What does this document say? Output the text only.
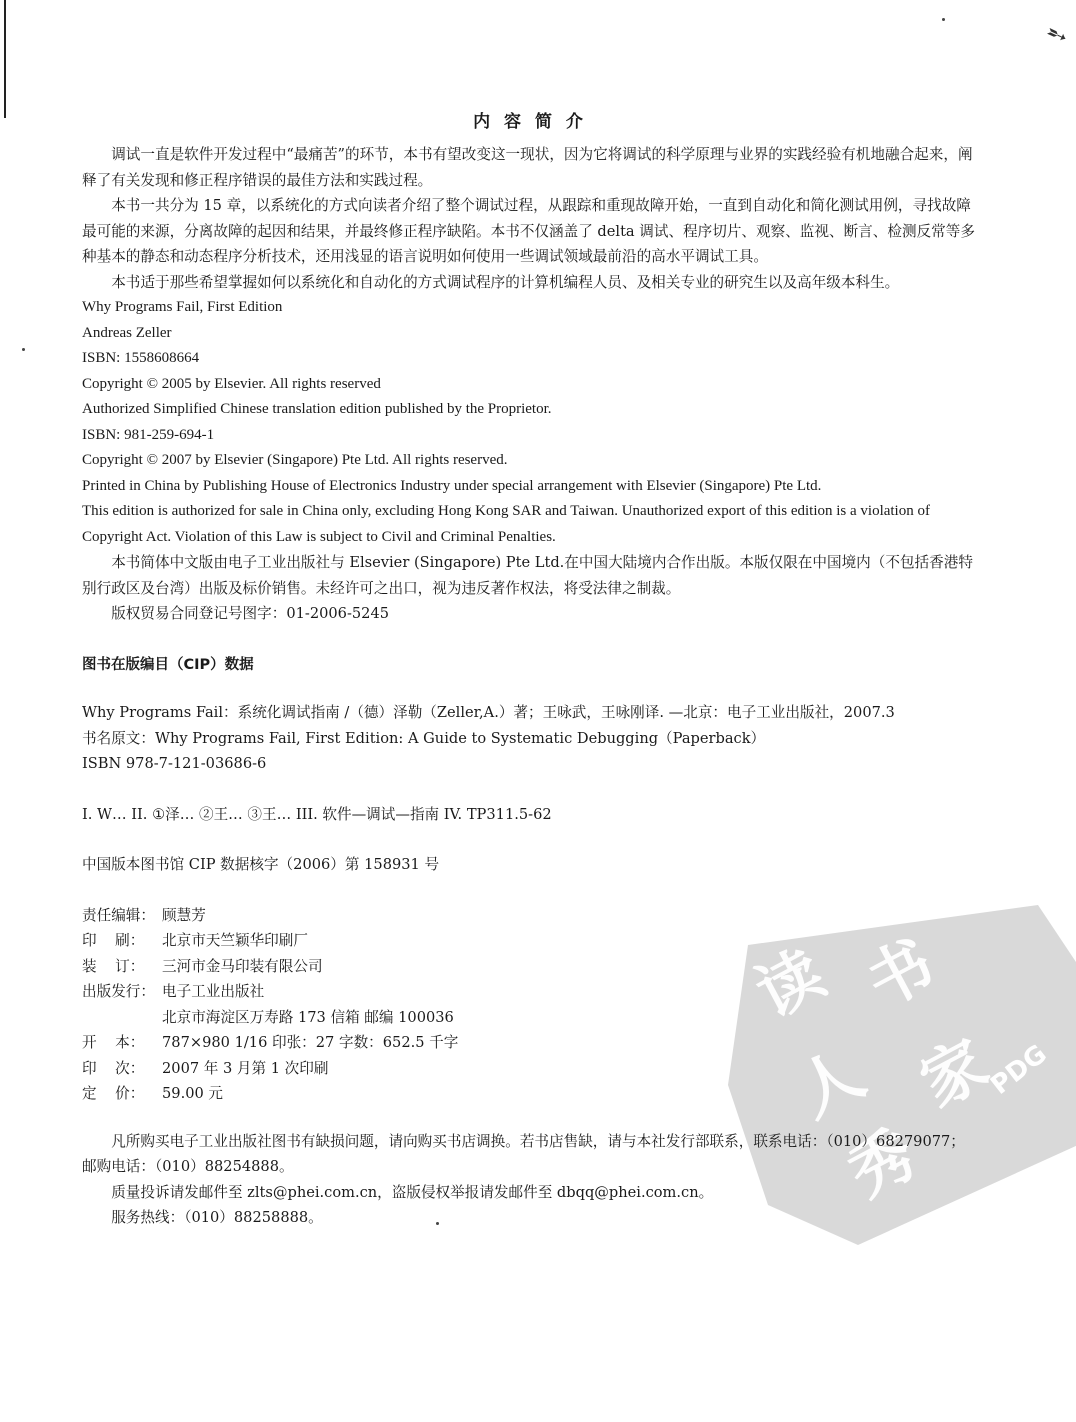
➴
读 书
人 家
秀
PDG
内 容 简 介

调试一直是软件开发过程中“最痛苦”的环节，本书有望改变这一现状，因为它将调试的科学原理与业界的实践经验有机地融合起来，阐释了有关发现和修正程序错误的最佳方法和实践过程。

本书一共分为 15 章，以系统化的方式向读者介绍了整个调试过程，从跟踪和重现故障开始，一直到自动化和简化测试用例，寻找故障最可能的来源，分离故障的起因和结果，并最终修正程序缺陷。本书不仅涵盖了 delta 调试、程序切片、观察、监视、断言、检测反常等多种基本的静态和动态程序分析技术，还用浅显的语言说明如何使用一些调试领域最前沿的高水平调试工具。

本书适于那些希望掌握如何以系统化和自动化的方式调试程序的计算机编程人员、及相关专业的研究生以及高年级本科生。

Why Programs Fail, First Edition

Andreas Zeller

ISBN: 1558608664

Copyright © 2005 by Elsevier. All rights reserved

Authorized Simplified Chinese translation edition published by the Proprietor.

ISBN: 981-259-694-1

Copyright © 2007 by Elsevier (Singapore) Pte Ltd. All rights reserved.

Printed in China by Publishing House of Electronics Industry under special arrangement with Elsevier (Singapore) Pte Ltd.

This edition is authorized for sale in China only, excluding Hong Kong SAR and Taiwan. Unauthorized export of this edition is a violation of Copyright Act. Violation of this Law is subject to Civil and Criminal Penalties.

本书简体中文版由电子工业出版社与 Elsevier (Singapore) Pte Ltd.在中国大陆境内合作出版。本版仅限在中国境内（不包括香港特别行政区及台湾）出版及标价销售。未经许可之出口，视为违反著作权法，将受法律之制裁。

版权贸易合同登记号图字：01-2006-5245

图书在版编目（CIP）数据

Why Programs Fail：系统化调试指南 /（德）泽勒（Zeller,A.）著；王咏武，王咏刚译. —北京：电子工业出版社，2007.3

书名原文：Why Programs Fail, First Edition: A Guide to Systematic Debugging（Paperback）

ISBN 978-7-121-03686-6

I. W… II. ①泽… ②王… ③王… III. 软件—调试—指南 IV. TP311.5-62

中国版本图书馆 CIP 数据核字（2006）第 158931 号

责任编辑： 顾慧芳
印    刷：	北京市天竺颖华印刷厂
装    订：	三河市金马印装有限公司
出版发行： 电子工业出版社
北京市海淀区万寿路 173 信箱 邮编 100036
开    本：	787×980 1/16 印张：27 字数：652.5 千字
印    次：	2007 年 3 月第 1 次印刷
定    价：	59.00 元

凡所购买电子工业出版社图书有缺损问题，请向购买书店调换。若书店售缺，请与本社发行部联系，联系电话：（010）68279077；邮购电话：（010）88254888。

质量投诉请发邮件至 zlts@phei.com.cn，盗版侵权举报请发邮件至 dbqq@phei.com.cn。

服务热线：（010）88258888。
